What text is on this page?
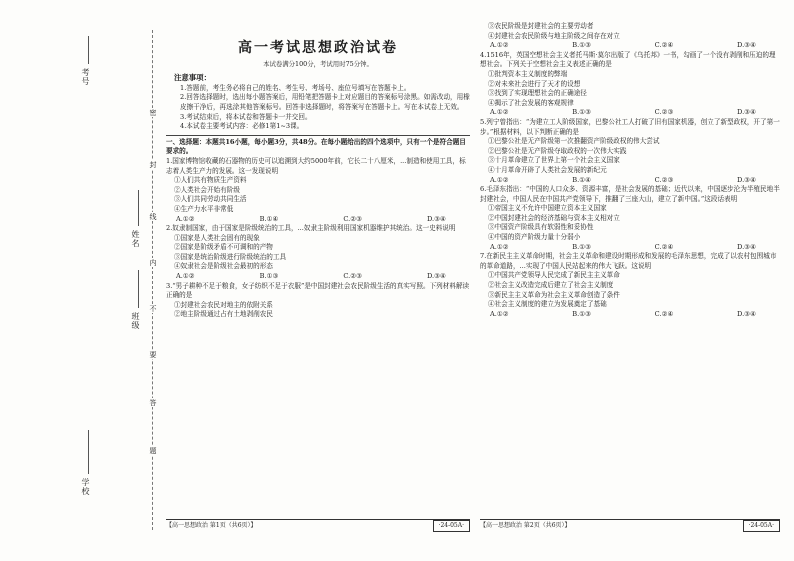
考号
姓名
班级
学校
密
封
线
内
不
要
答
题
高一考试思想政治试卷
本试卷满分100分，考试用时75分钟。
注意事项：

1.答题前，考生务必将自己的姓名、考生号、考场号、座位号填写在答题卡上。

2.回答选择题时，选出每小题答案后，用铅笔把答题卡上对应题目的答案标号涂黑。如需改动，用橡皮擦干净后，再选涂其他答案标号。回答非选择题时，将答案写在答题卡上。写在本试卷上无效。

3.考试结束后，将本试卷和答题卡一并交回。

4.本试卷主要考试内容：必修1第1~3课。

一、选择题：本题共16小题，每小题3分，共48分。在每小题给出的四个选项中，只有一个是符合题目要求的。

1.国家博物馆收藏的石器物的历史可以追溯到大约5000年前，它长二十八厘米，...制造和使用工具，标志着人类生产力的发展。这一发现说明

①人们共有物质生产资料

②人类社会开始有阶级

③人们共同劳动共同生活

④生产力水平非常低

A.①②	B.①④	C.②③	D.③④

2.奴隶制国家，由于国家是阶级统治的工具，...奴隶主阶级利用国家机器维护其统治。这一史料说明

①国家是人类社会固有的现象

②国家是阶级矛盾不可调和的产物

③国家是统治阶级进行阶级统治的工具

④奴隶社会是阶级社会最初的形态

A.①②	B.①③	C.②③	D.③④

3.“男子耕种不足于粮食，女子纺织不足于衣服”是中国封建社会农民阶级生活的真实写照。下列材料解读正确的是

①封建社会农民对地主的依附关系

②地主阶级通过占有土地剥削农民

【高一思想政治 第1页（共6页）】	·24-05A·

③农民阶级是封建社会的主要劳动者

④封建社会农民阶级与地主阶级之间存在对立

A.①②	B.①③	C.②④	D.③④

4.1516年，英国空想社会主义者托马斯·莫尔出版了《乌托邦》一书，勾画了一个没有剥削和压迫的理想社会。下列关于空想社会主义表述正确的是

①批判资本主义制度的弊端

②对未来社会进行了天才的设想

③找到了实现理想社会的正确途径

④揭示了社会发展的客观规律

A.①②	B.①③	C.②③	D.③④

5.列宁曾指出：“为建立工人阶级国家，巴黎公社工人打破了旧有国家机器，创立了新型政权，开了第一步。”根据材料，以下判断正确的是

①巴黎公社是无产阶级第一次推翻资产阶级政权的伟大尝试

②巴黎公社是无产阶级夺取政权的一次伟大实践

③十月革命建立了世界上第一个社会主义国家

④十月革命开辟了人类社会发展的新纪元

A.①②	B.①④	C.②③	D.③④

6.毛泽东指出：“中国的人口众多、资源丰富，是社会发展的基础；近代以来，中国逐步沦为半殖民地半封建社会，中国人民在中国共产党领导下，推翻了三座大山，建立了新中国。”这段话表明

①帝国主义不允许中国建立资本主义国家

②中国封建社会的经济基础与资本主义相对立

③中国资产阶级具有软弱性和妥协性

④中国的资产阶级力量十分弱小

A.①②	B.①③	C.②④	D.③④

7.在新民主主义革命时期，社会主义革命和建设时期形成和发展的毛泽东思想，完成了以农村包围城市的革命道路，...实现了中国人民站起来的伟大飞跃。这说明

①中国共产党领导人民完成了新民主主义革命

②社会主义改造完成后建立了社会主义制度

③新民主主义革命为社会主义革命创造了条件

④社会主义制度的建立为发展奠定了基础

A.①②	B.①③	C.②④	D.③④
【高一思想政治 第2页（共6页）】	·24-05A·
